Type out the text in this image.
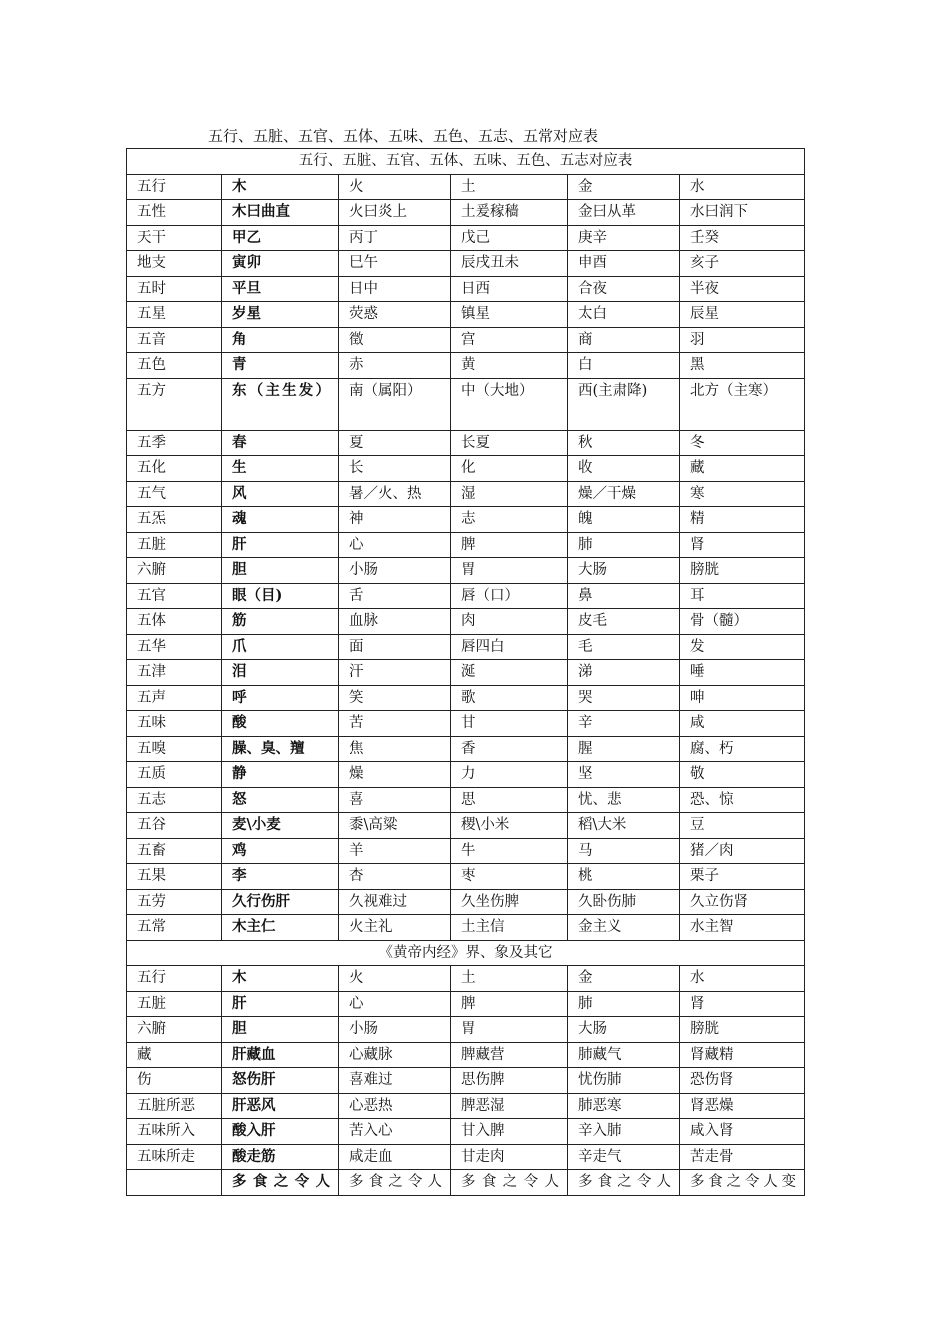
五行、五脏、五官、五体、五味、五色、五志、五常对应表
五行、五脏、五官、五体、五味、五色、五志对应表					
五行	木	火	土	金	水
五性	木曰曲直	火曰炎上	土爰稼穑	金曰从革	水曰润下
天干	甲乙	丙丁	戊己	庚辛	壬癸
地支	寅卯	巳午	辰戌丑未	申酉	亥子
五时	平旦	日中	日西	合夜	半夜
五星	岁星	荧惑	镇星	太白	辰星
五音	角	徵	宫	商	羽
五色	青	赤	黄	白	黑
五方	东（主生发）	南（属阳）	中（大地）	西(主肃降)	北方（主寒）
五季	春	夏	长夏	秋	冬
五化	生	长	化	收	藏
五气	风	暑／火、热	湿	燥／干燥	寒
五炁	魂	神	志	魄	精
五脏	肝	心	脾	肺	肾
六腑	胆	小肠	胃	大肠	膀胱
五官	眼（目)	舌	唇（口）	鼻	耳
五体	筋	血脉	肉	皮毛	骨（髓）
五华	爪	面	唇四白	毛	发
五津	泪	汗	涎	涕	唾
五声	呼	笑	歌	哭	呻
五味	酸	苦	甘	辛	咸
五嗅	臊、臭、羶	焦	香	腥	腐、朽
五质	静	燥	力	坚	敬
五志	怒	喜	思	忧、悲	恐、惊
五谷	麦\小麦	黍\高粱	稷\小米	稻\大米	豆
五畜	鸡	羊	牛	马	猪／肉
五果	李	杏	枣	桃	栗子
五劳	久行伤肝	久视难过	久坐伤脾	久卧伤肺	久立伤肾
五常	木主仁	火主礼	土主信	金主义	水主智
《黄帝内经》界、象及其它					
五行	木	火	土	金	水
五脏	肝	心	脾	肺	肾
六腑	胆	小肠	胃	大肠	膀胱
藏	肝藏血	心藏脉	脾藏营	肺藏气	肾藏精
伤	怒伤肝	喜难过	思伤脾	忧伤肺	恐伤肾
五脏所恶	肝恶风	心恶热	脾恶湿	肺恶寒	肾恶燥
五味所入	酸入肝	苦入心	甘入脾	辛入肺	咸入肾
五味所走	酸走筋	咸走血	甘走肉	辛走气	苦走骨
	多食之令人	多食之令人	多食之令人	多食之令人	多食之令人变
